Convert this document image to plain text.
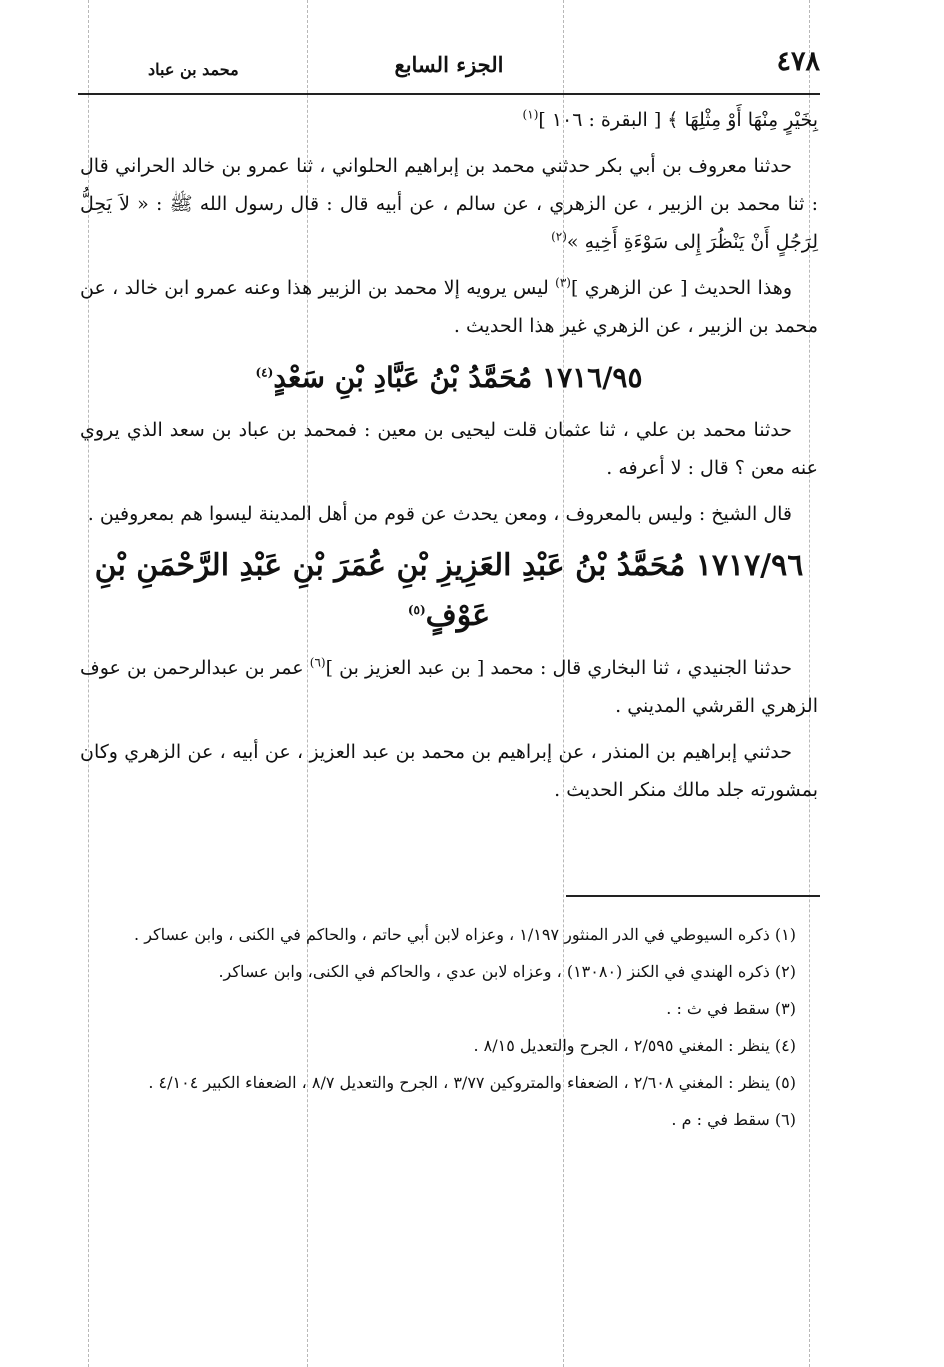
٤٧٨
الجزء السابع
محمد بن عباد

بِخَيْرٍ مِنْهَا أَوْ مِثْلِهَا ﴾ [ البقرة : ١٠٦ ]$^{(١)}$

حدثنا معروف بن أبي بكر حدثني محمد بن إبراهيم الحلواني ، ثنا عمرو بن خالد الحراني قال : ثنا محمد بن الزبير ، عن الزهري ، عن سالم ، عن أبيه قال : قال رسول الله ﷺ : « لاَ يَحِلُّ لِرَجُلٍ أَنْ يَنْظُرَ إِلى سَوْءَةِ أَخِيهِ »$^{(٢)}$

وهذا الحديث [ عن الزهري ]$^{(٣)}$ ليس يرويه إلا محمد بن الزبير هذا وعنه عمرو ابن خالد ، عن محمد بن الزبير ، عن الزهري غير هذا الحديث .

١٧١٦/٩٥ مُحَمَّدُ بْنُ عَبَّادِ بْنِ سَعْدٍ$^{(٤)}$

حدثنا محمد بن علي ، ثنا عثمان قلت ليحيى بن معين : فمحمد بن عباد بن سعد الذي يروي عنه معن ؟ قال : لا أعرفه .

قال الشيخ : وليس بالمعروف ، ومعن يحدث عن قوم من أهل المدينة ليسوا هم بمعروفين .

١٧١٧/٩٦ مُحَمَّدُ بْنُ عَبْدِ العَزِيزِ بْنِ عُمَرَ بْنِ عَبْدِ الرَّحْمَنِ بْنِ عَوْفٍ$^{(٥)}$

حدثنا الجنيدي ، ثنا البخاري قال : محمد [ بن عبد العزيز بن ]$^{(٦)}$ عمر بن عبدالرحمن بن عوف الزهري القرشي المديني .

حدثني إبراهيم بن المنذر ، عن إبراهيم بن محمد بن عبد العزيز ، عن أبيه ، عن الزهري وكان بمشورته جلد مالك منكر الحديث .

(١) ذكره السيوطي في الدر المنثور ١/١٩٧ ، وعزاه لابن أبي حاتم ، والحاكم في الكنى ، وابن عساكر .

(٢) ذكره الهندي في الكنز (١٣٠٨٠) ، وعزاه لابن عدي ، والحاكم في الكنى، وابن عساكر.

(٣) سقط في ث : .

(٤) ينظر : المغني ٢/٥٩٥ ، الجرح والتعديل ٨/١٥ .

(٥) ينظر : المغني ٢/٦٠٨ ، الضعفاء والمتروكين ٣/٧٧ ، الجرح والتعديل ٨/٧ ، الضعفاء الكبير ٤/١٠٤ .

(٦) سقط في : م .
